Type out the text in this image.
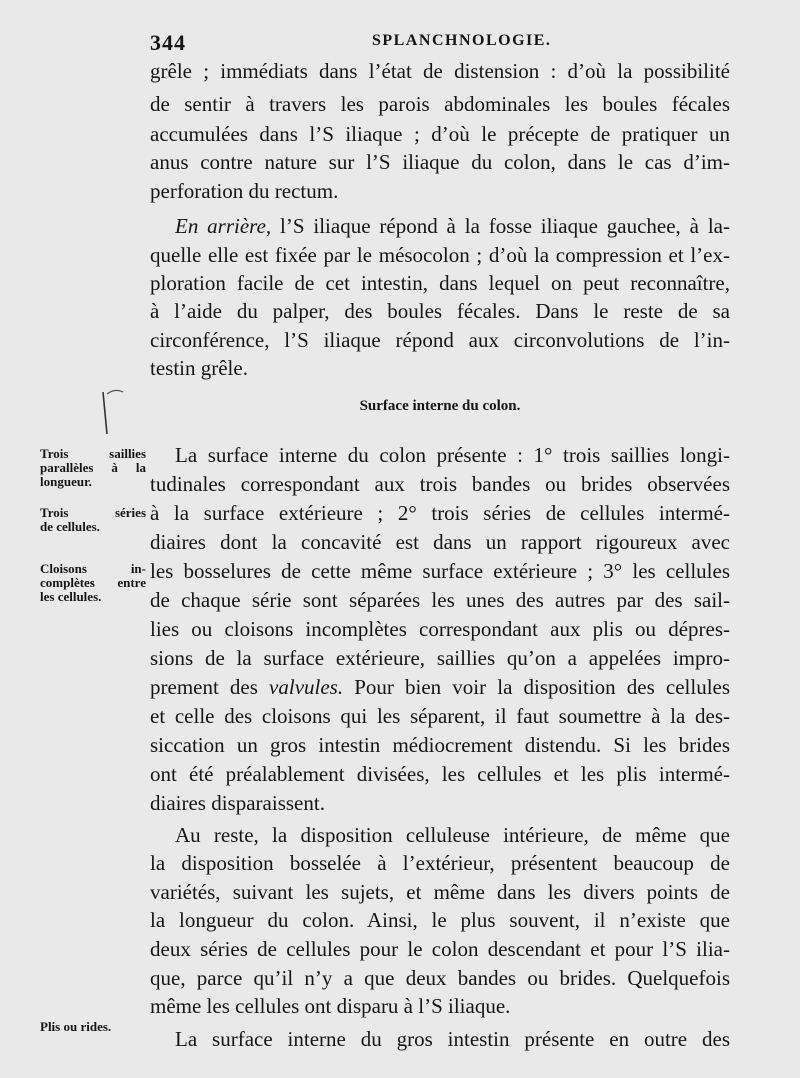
344	SPLANCHNOLOGIE.
grêle ; immédiats dans l’état de distension : d’où la possibilité
de sentir à travers les parois abdominales les boules fécales
accumulées dans l’S iliaque ; d’où le précepte de pratiquer un
anus contre nature sur l’S iliaque du colon, dans le cas d’im-
perforation du rectum.
En arrière, l’S iliaque répond à la fosse iliaque gauchee, à la-
quelle elle est fixée par le mésocolon ; d’où la compression et l’ex-
ploration facile de cet intestin, dans lequel on peut reconnaître,
à l’aide du palper, des boules fécales. Dans le reste de sa
circonférence, l’S iliaque répond aux circonvolutions de l’in-
testin grêle.
Surface interne du colon.
La surface interne du colon présente : 1° trois saillies longi-
tudinales correspondant aux trois bandes ou brides observées
à la surface extérieure ; 2° trois séries de cellules intermé-
diaires dont la concavité est dans un rapport rigoureux avec
les bosselures de cette même surface extérieure ; 3° les cellules
de chaque série sont séparées les unes des autres par des sail-
lies ou cloisons incomplètes correspondant aux plis ou dépres-
sions de la surface extérieure, saillies qu’on a appelées impro-
prement des valvules. Pour bien voir la disposition des cellules
et celle des cloisons qui les séparent, il faut soumettre à la des-
siccation un gros intestin médiocrement distendu. Si les brides
ont été préalablement divisées, les cellules et les plis intermé-
diaires disparaissent.
Au reste, la disposition celluleuse intérieure, de même que
la disposition bosselée à l’extérieur, présentent beaucoup de
variétés, suivant les sujets, et même dans les divers points de
la longueur du colon. Ainsi, le plus souvent, il n’existe que
deux séries de cellules pour le colon descendant et pour l’S ilia-
que, parce qu’il n’y a que deux bandes ou brides. Quelquefois
même les cellules ont disparu à l’S iliaque.
La surface interne du gros intestin présente en outre des
Trois saillies
parallèles à la
longueur.
Trois séries
de cellules.
Cloisons in-
complètes entre
les cellules.
Plis ou rides.
